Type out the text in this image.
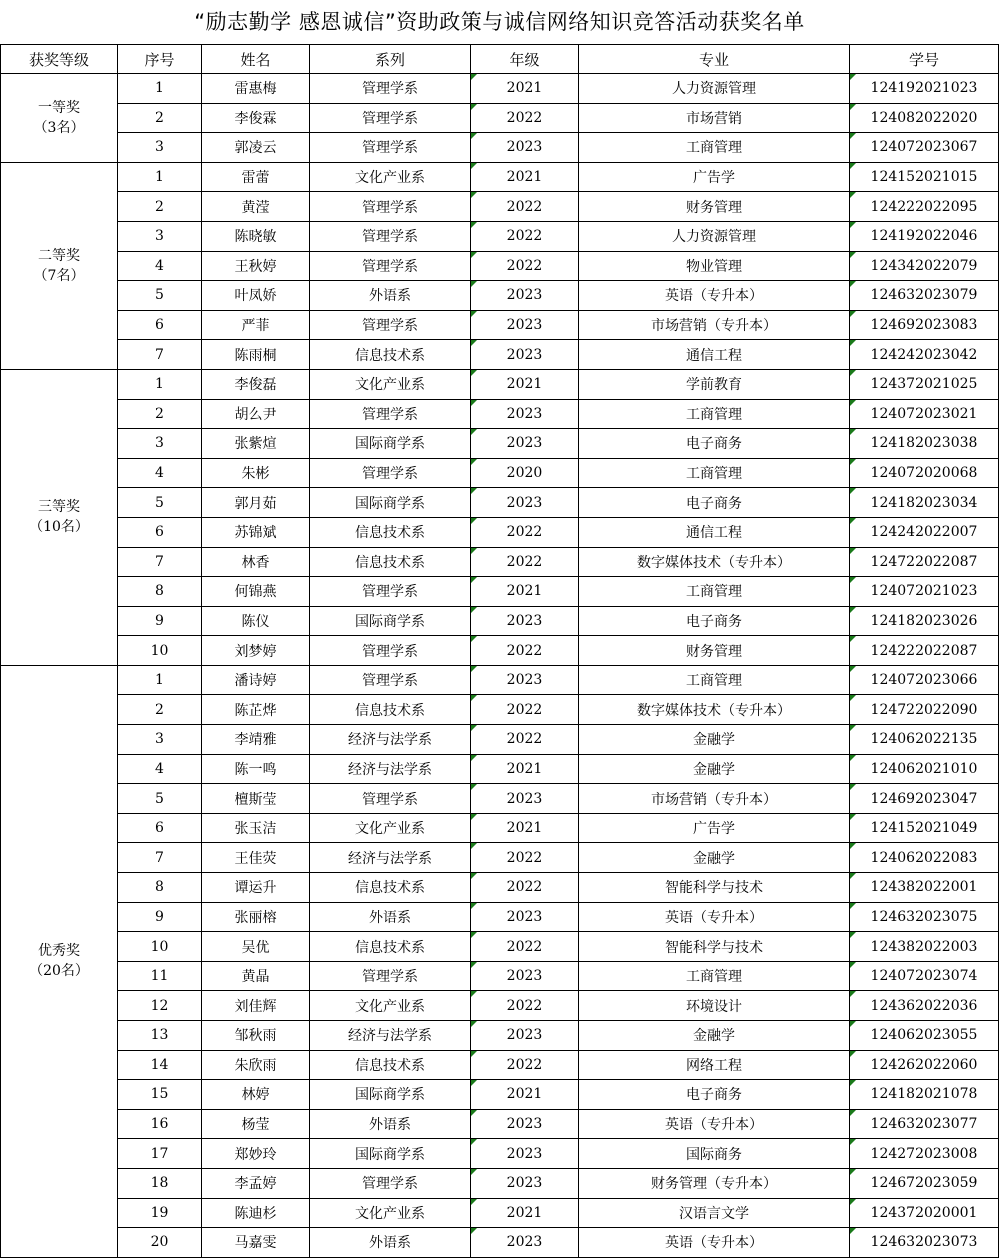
“励志勤学 感恩诚信”资助政策与诚信网络知识竞答活动获奖名单
获奖等级	序号	姓名	系列	年级	专业	学号

一等奖
（3名）	1	雷惠梅	管理学系	2021	人力资源管理	124192021023
	2	李俊霖	管理学系	2022	市场营销	124082022020
	3	郭凌云	管理学系	2023	工商管理	124072023067

二等奖
（7名）	1	雷蕾	文化产业系	2021	广告学	124152021015
	2	黄滢	管理学系	2022	财务管理	124222022095
	3	陈晓敏	管理学系	2022	人力资源管理	124192022046
	4	王秋婷	管理学系	2022	物业管理	124342022079
	5	叶凤娇	外语系	2023	英语（专升本）	124632023079
	6	严菲	管理学系	2023	市场营销（专升本）	124692023083
	7	陈雨桐	信息技术系	2023	通信工程	124242023042

三等奖
（10名）	1	李俊磊	文化产业系	2021	学前教育	124372021025
	2	胡么尹	管理学系	2023	工商管理	124072023021
	3	张紫煊	国际商学系	2023	电子商务	124182023038
	4	朱彬	管理学系	2020	工商管理	124072020068
	5	郭月茹	国际商学系	2023	电子商务	124182023034
	6	苏锦斌	信息技术系	2022	通信工程	124242022007
	7	林香	信息技术系	2022	数字媒体技术（专升本）	124722022087
	8	何锦燕	管理学系	2021	工商管理	124072021023
	9	陈仪	国际商学系	2023	电子商务	124182023026
	10	刘梦婷	管理学系	2022	财务管理	124222022087

优秀奖
（20名）	1	潘诗婷	管理学系	2023	工商管理	124072023066
	2	陈芷烨	信息技术系	2022	数字媒体技术（专升本）	124722022090
	3	李靖雅	经济与法学系	2022	金融学	124062022135
	4	陈一鸣	经济与法学系	2021	金融学	124062021010
	5	檀斯莹	管理学系	2023	市场营销（专升本）	124692023047
	6	张玉洁	文化产业系	2021	广告学	124152021049
	7	王佳荧	经济与法学系	2022	金融学	124062022083
	8	谭运升	信息技术系	2022	智能科学与技术	124382022001
	9	张丽榕	外语系	2023	英语（专升本）	124632023075
	10	吴优	信息技术系	2022	智能科学与技术	124382022003
	11	黄晶	管理学系	2023	工商管理	124072023074
	12	刘佳辉	文化产业系	2022	环境设计	124362022036
	13	邹秋雨	经济与法学系	2023	金融学	124062023055
	14	朱欣雨	信息技术系	2022	网络工程	124262022060
	15	林婷	国际商学系	2021	电子商务	124182021078
	16	杨莹	外语系	2023	英语（专升本）	124632023077
	17	郑妙玲	国际商学系	2023	国际商务	124272023008
	18	李孟婷	管理学系	2023	财务管理（专升本）	124672023059
	19	陈迪杉	文化产业系	2021	汉语言文学	124372020001
	20	马嘉雯	外语系	2023	英语（专升本）	124632023073
